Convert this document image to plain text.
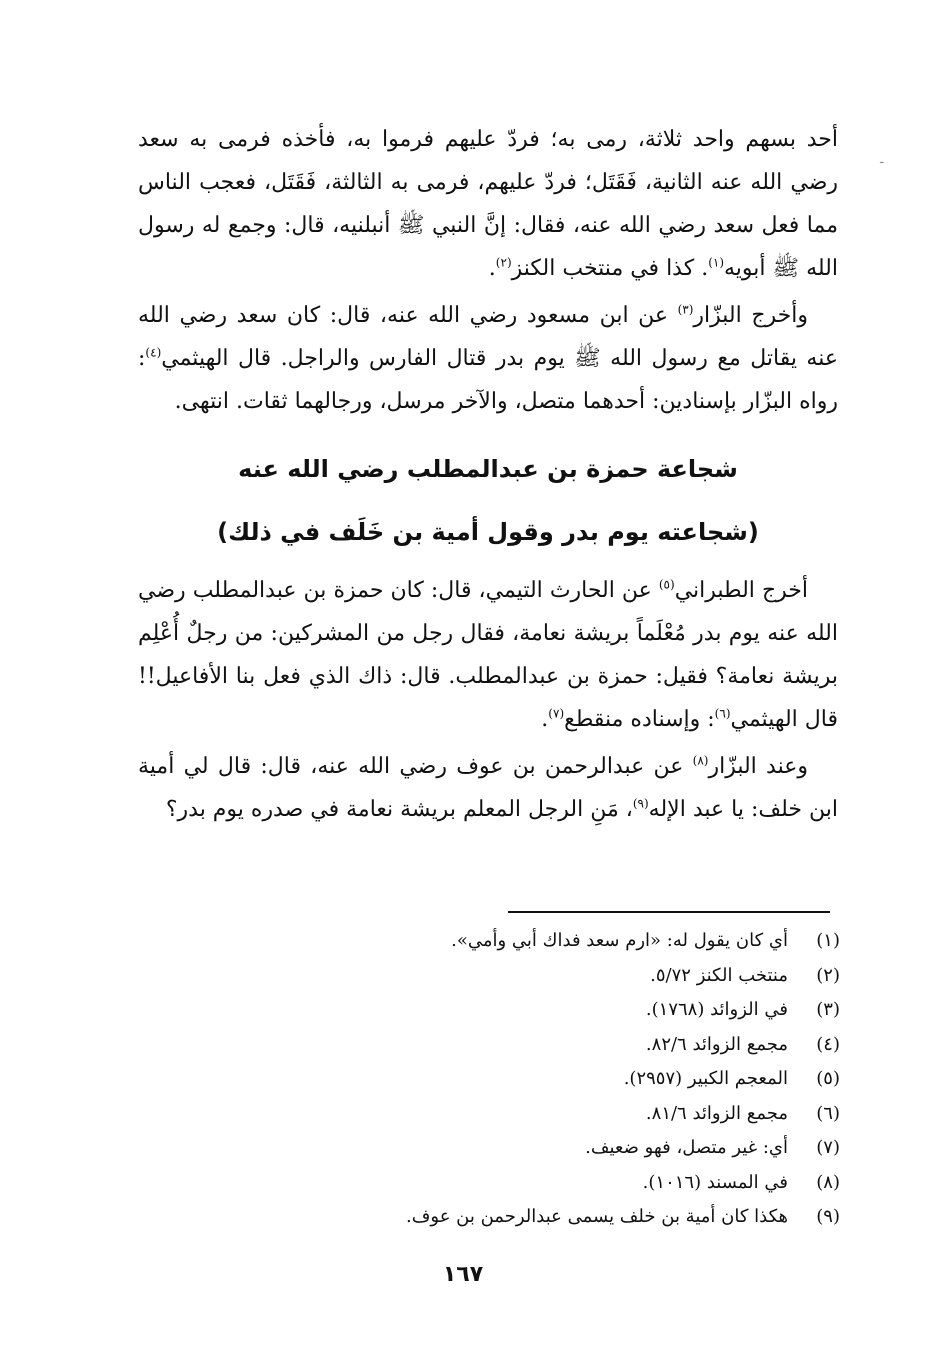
أحد بسهم واحد ثلاثة، رمى به؛ فردّ عليهم فرموا به، فأخذه فرمى به سعد رضي الله عنه الثانية، فَقَتَل؛ فردّ عليهم، فرمى به الثالثة، فَقَتَل، فعجب الناس مما فعل سعد رضي الله عنه، فقال: إنَّ النبي ﷺ أنبلنيه، قال: وجمع له رسول الله ﷺ أبويه$^{(١)}$. كذا في منتخب الكنز$^{(٢)}$.

وأخرج البزّار$^{(٣)}$ عن ابن مسعود رضي الله عنه، قال: كان سعد رضي الله عنه يقاتل مع رسول الله ﷺ يوم بدر قتال الفارس والراجل. قال الهيثمي$^{(٤)}$: رواه البزّار بإسنادين: أحدهما متصل، والآخر مرسل، ورجالهما ثقات. انتهى.

شجاعة حمزة بن عبدالمطلب رضي الله عنه
(شجاعته يوم بدر وقول أمية بن خَلَف في ذلك)

أخرج الطبراني$^{(٥)}$ عن الحارث التيمي، قال: كان حمزة بن عبدالمطلب رضي الله عنه يوم بدر مُعْلَماً بريشة نعامة، فقال رجل من المشركين: من رجلٌ أُعْلِم بريشة نعامة؟ فقيل: حمزة بن عبدالمطلب. قال: ذاك الذي فعل بنا الأفاعيل!! قال الهيثمي$^{(٦)}$: وإسناده منقطع$^{(٧)}$.

وعند البزّار$^{(٨)}$ عن عبدالرحمن بن عوف رضي الله عنه، قال: قال لي أمية ابن خلف: يا عبد الإله$^{(٩)}$، مَنِ الرجل المعلم بريشة نعامة في صدره يوم بدر؟

ـ
(١)
أي كان يقول له: «ارم سعد فداك أبي وأمي».
(٢)
منتخب الكنز ٥/٧٢.
(٣)
في الزوائد (١٧٦٨).
(٤)
مجمع الزوائد ٨٢/٦.
(٥)
المعجم الكبير (٢٩٥٧).
(٦)
مجمع الزوائد ٨١/٦.
(٧)
أي: غير متصل، فهو ضعيف.
(٨)
في المسند (١٠١٦).
(٩)
هكذا كان أمية بن خلف يسمى عبدالرحمن بن عوف.
١٦٧
